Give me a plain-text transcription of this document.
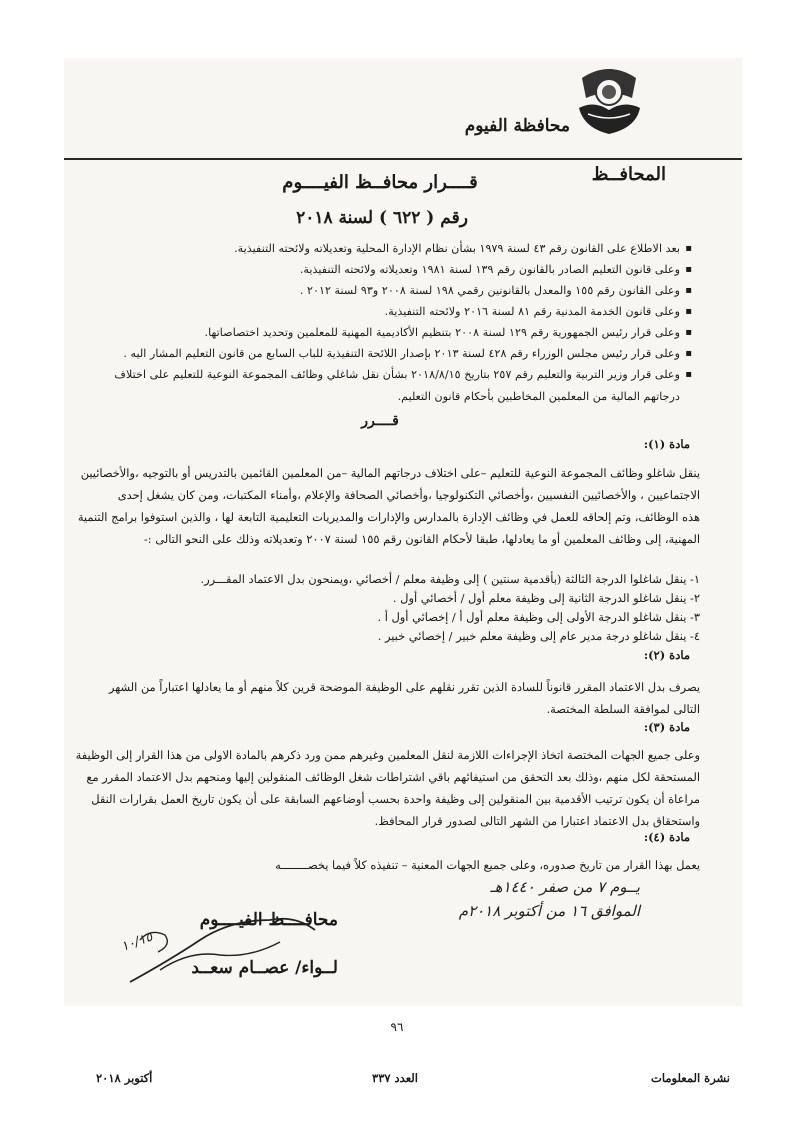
محافظة الفيوم
المحافــظ
قــــرار محافــظ الفيــــوم
رقم ( ٦٢٢ ) لسنة ٢٠١٨
▪ بعد الاطلاع على القانون رقم ٤٣ لسنة ١٩٧٩ بشأن نظام الإدارة المحلية وتعديلاته ولائحته التنفيذية.
▪ وعلى قانون التعليم الصادر بالقانون رقم ١٣٩ لسنة ١٩٨١ وتعديلاته ولائحته التنفيذية.
▪ وعلى القانون رقم ١٥٥ والمعدل بالقانونين رقمي ١٩٨ لسنة ٢٠٠٨ و٩٣ لسنة ٢٠١٢ .
▪ وعلى قانون الخدمة المدنية رقم ٨١ لسنة ٢٠١٦ ولائحته التنفيذية.
▪ وعلى قرار رئيس الجمهورية رقم ١٢٩ لسنة ٢٠٠٨ بتنظيم الأكاديمية المهنية للمعلمين وتحديد اختصاصاتها.
▪ وعلى قرار رئيس مجلس الوزراء رقم ٤٢٨ لسنة ٢٠١٣ بإصدار اللائحة التنفيذية للباب السابع من قانون التعليم المشار اليه .
▪ وعلى قرار وزير التربية والتعليم رقم ٢٥٧ بتاريخ ٢٠١٨/٨/١٥ بشأن نقل شاغلي وظائف المجموعة النوعية للتعليم على اختلاف
درجاتهم المالية من المعلمين المخاطبين بأحكام قانون التعليم.
قــــرر
مادة (١):
ينقل شاغلو وظائف المجموعة النوعية للتعليم –على اختلاف درجاتهم المالية –من المعلمين القائمين بالتدريس أو بالتوجيه ،والأخصائيين
الاجتماعيين ، والأخصائيين النفسيين ،وأخصائي التكنولوجيا ،وأخصائي الصحافة والإعلام ،وأمناء المكتبات، ومن كان يشغل إحدى
هذه الوظائف، وتم إلحاقه للعمل في وظائف الإدارة بالمدارس والإدارات والمديريات التعليمية التابعة لها ، والذين استوفوا برامج التنمية
المهنية، إلى وظائف المعلمين أو ما يعادلها، طبقا لأحكام القانون رقم ١٥٥ لسنة ٢٠٠٧ وتعديلاته وذلك على النحو التالى :-
١- ينقل شاغلوا الدرجة الثالثة (بأقدمية سنتين ) إلى وظيفة معلم / أخصائي ،ويمنحون بدل الاعتماد المقـــرر.
٢- ينقل شاغلو الدرجة الثانية إلى وظيفة معلم أول / أخصائي أول .
٣- ينقل شاغلو الدرجة الأولى إلى وظيفة معلم أول أ / إخصائي أول أ .
٤- ينقل شاغلو درجة مدير عام إلى وظيفة معلم خبير / إخصائي خبير .
مادة (٢):
يصرف بدل الاعتماد المقرر قانوناً للسادة الذين تقرر نقلهم على الوظيفة الموضحة قرين كلاً منهم أو ما يعادلها اعتباراً من الشهر
التالى لموافقة السلطة المختصة.
مادة (٣):
وعلى جميع الجهات المختصة اتخاذ الإجراءات اللازمة لنقل المعلمين وغيرهم ممن ورد ذكرهم بالمادة الاولى من هذا القرار إلى الوظيفة
المستحقة لكل منهم ،وذلك بعد التحقق من استيفائهم باقي اشتراطات شغل الوظائف المنقولين إليها ومنحهم بدل الاعتماد المقرر مع
مراعاة أن يكون ترتيب الأقدمية بين المنقولين إلى وظيفة واحدة بحسب أوضاعهم السابقة على أن يكون تاريخ العمل بقرارات النقل
واستحقاق بدل الاعتماد اعتبارا من الشهر التالى لصدور قرار المحافظ.
مادة (٤):
يعمل بهذا القرار من تاريخ صدوره، وعلى جميع الجهات المعنية – تنفيذه كلاً فيما يخصــــــــه
يــوم ٧ من صفر ١٤٤٠هـ
الموافق ١٦ من أكتوبر ٢٠١٨م
محافــــظ الفيــــوم
لــواء/ عصــام سعــد
١٠/١٥
٩٦
نشرة المعلومات
العدد ٣٣٧
أكتوبر ٢٠١٨
